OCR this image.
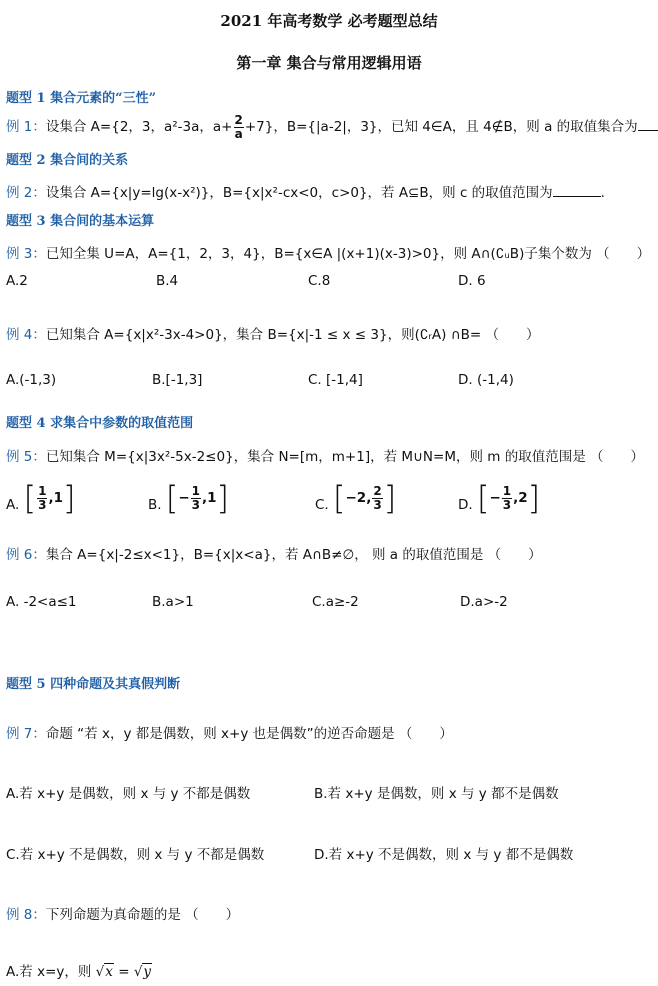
2021 年高考数学 必考题型总结
第一章 集合与常用逻辑用语
题型 1 集合元素的“三性”
例 1：设集合 A={2，3，a²-3a，$a+ \frac{2}{a} +7$}，B={|a-2|，3}，已知 4∈A，且 4∉B，则 a 的取值集合为
题型 2 集合间的关系
例 2：设集合 A={x|y=lg(x-x²)}，B={x|x²-cx<0，c>0}，若 A⊆B，则 c 的取值范围为	.
题型 3 集合间的基本运算
例 3：已知全集 U=A，A={1，2，3，4}，B={x∈A |(x+1)(x-3)>0}，则 A∩(∁ᵤB)子集个数为 （　　）
A.2	B.4	C.8	D. 6
例 4：已知集合 A={x|x²-3x-4>0}，集合 B={x|-1 ≤ x ≤ 3}，则(∁ᵣA) ∩B= （　　）
A.(-1,3)	B.[-1,3]	C. [-1,4]	D. (-1,4)
题型 4 求集合中参数的取值范围
例 5：已知集合 M={x|3x²-5x-2≤0}，集合 N=[m，m+1]，若 M∪N=M，则 m 的取值范围是 （　　）
A. [ $\frac{1}{3} ,1$ ]	B. [ − $\frac{1}{3} ,1$ ]	C. [ −2, $\frac{2}{3}$ ]	D. [ − $\frac{1}{3} ,2$ ]
例 6：集合 A={x|-2≤x<1}，B={x|x<a}，若 A∩B≠∅， 则 a 的取值范围是 （　　）
A. -2<a≤1	B.a>1	C.a≥-2	D.a>-2
题型 5 四种命题及其真假判断
例 7：命题 “若 x，y 都是偶数，则 x+y 也是偶数”的逆否命题是 （　　）
A.若 x+y 是偶数，则 x 与 y 不都是偶数	B.若 x+y 是偶数，则 x 与 y 都不是偶数
C.若 x+y 不是偶数，则 x 与 y 不都是偶数	D.若 x+y 不是偶数，则 x 与 y 都不是偶数
例 8：下列命题为真命题的是 （　　）
A.若 x=y，则 √x = √y
